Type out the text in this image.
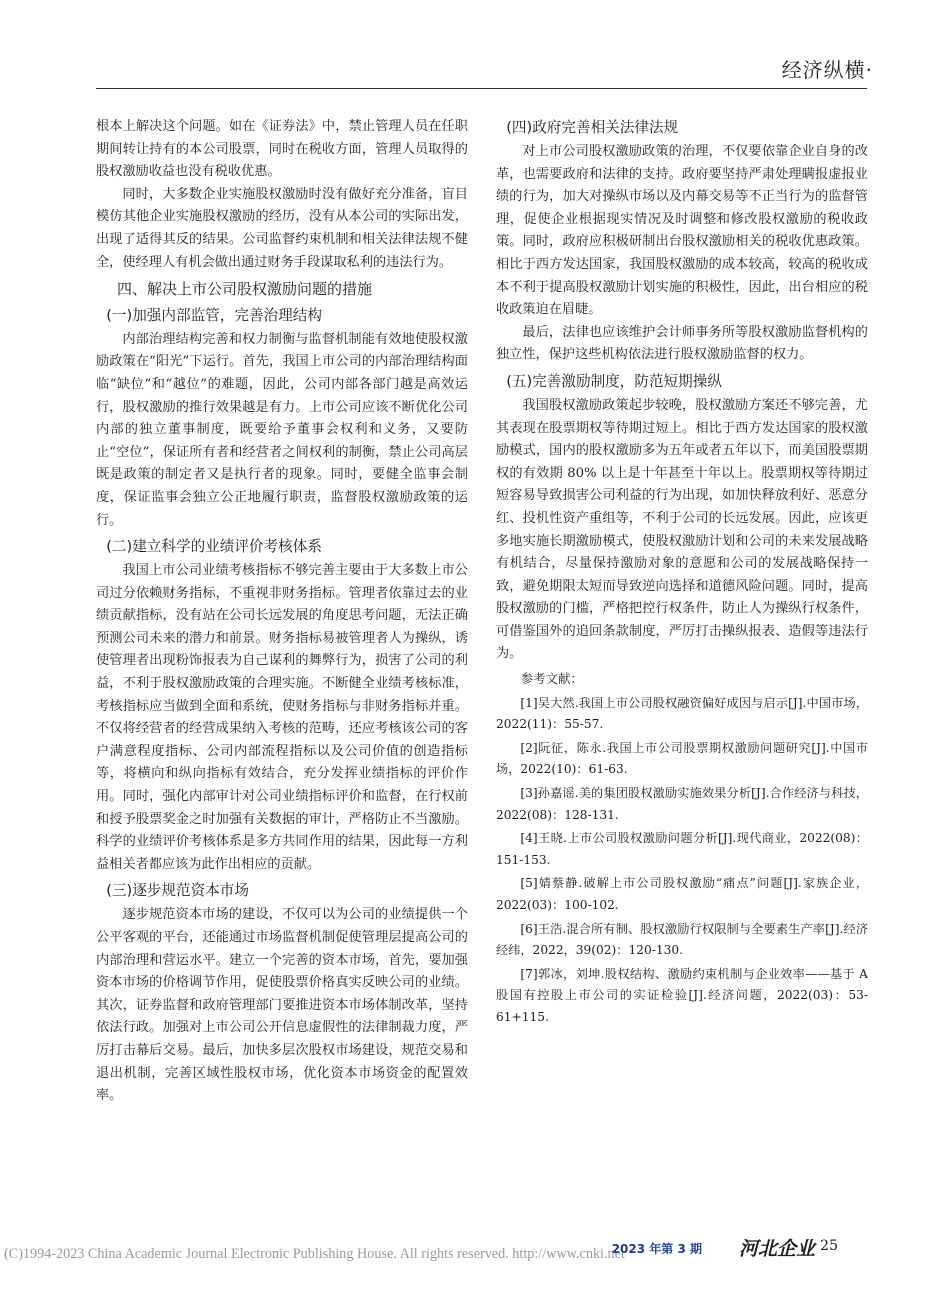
经济纵横·

根本上解决这个问题。如在《证券法》中，禁止管理人员在任职期间转让持有的本公司股票，同时在税收方面，管理人员取得的股权激励收益也没有税收优惠。

同时，大多数企业实施股权激励时没有做好充分准备，盲目模仿其他企业实施股权激励的经历，没有从本公司的实际出发，出现了适得其反的结果。公司监督约束机制和相关法律法规不健全，使经理人有机会做出通过财务手段谋取私利的违法行为。

四、解决上市公司股权激励问题的措施

(一)加强内部监管，完善治理结构

内部治理结构完善和权力制衡与监督机制能有效地使股权激励政策在“阳光”下运行。首先，我国上市公司的内部治理结构面临“缺位”和“越位”的难题，因此，公司内部各部门越是高效运行，股权激励的推行效果越是有力。上市公司应该不断优化公司内部的独立董事制度，既要给予董事会权利和义务，又要防止“空位”，保证所有者和经营者之间权利的制衡，禁止公司高层既是政策的制定者又是执行者的现象。同时，要健全监事会制度，保证监事会独立公正地履行职责，监督股权激励政策的运行。

(二)建立科学的业绩评价考核体系

我国上市公司业绩考核指标不够完善主要由于大多数上市公司过分依赖财务指标，不重视非财务指标。管理者依靠过去的业绩贡献指标，没有站在公司长远发展的角度思考问题，无法正确预测公司未来的潜力和前景。财务指标易被管理者人为操纵，诱使管理者出现粉饰报表为自己谋利的舞弊行为，损害了公司的利益，不利于股权激励政策的合理实施。不断健全业绩考核标准，考核指标应当做到全面和系统，使财务指标与非财务指标并重。不仅将经营者的经营成果纳入考核的范畴，还应考核该公司的客户满意程度指标、公司内部流程指标以及公司价值的创造指标等，将横向和纵向指标有效结合，充分发挥业绩指标的评价作用。同时，强化内部审计对公司业绩指标评价和监督，在行权前和授予股票奖金之时加强有关数据的审计，严格防止不当激励。科学的业绩评价考核体系是多方共同作用的结果，因此每一方利益相关者都应该为此作出相应的贡献。

(三)逐步规范资本市场

逐步规范资本市场的建设，不仅可以为公司的业绩提供一个公平客观的平台，还能通过市场监督机制促使管理层提高公司的内部治理和营运水平。建立一个完善的资本市场，首先，要加强资本市场的价格调节作用，促使股票价格真实反映公司的业绩。其次，证券监督和政府管理部门要推进资本市场体制改革，坚持依法行政。加强对上市公司公开信息虚假性的法律制裁力度，严厉打击幕后交易。最后，加快多层次股权市场建设，规范交易和退出机制，完善区域性股权市场，优化资本市场资金的配置效率。

(四)政府完善相关法律法规

对上市公司股权激励政策的治理，不仅要依靠企业自身的改革，也需要政府和法律的支持。政府要坚持严肃处理瞒报虚报业绩的行为，加大对操纵市场以及内幕交易等不正当行为的监督管理，促使企业根据现实情况及时调整和修改股权激励的税收政策。同时，政府应积极研制出台股权激励相关的税收优惠政策。相比于西方发达国家，我国股权激励的成本较高，较高的税收成本不利于提高股权激励计划实施的积极性，因此，出台相应的税收政策迫在眉睫。

最后，法律也应该维护会计师事务所等股权激励监督机构的独立性，保护这些机构依法进行股权激励监督的权力。

(五)完善激励制度，防范短期操纵

我国股权激励政策起步较晚，股权激励方案还不够完善，尤其表现在股票期权等待期过短上。相比于西方发达国家的股权激励模式，国内的股权激励多为五年或者五年以下，而美国股票期权的有效期 80% 以上是十年甚至十年以上。股票期权等待期过短容易导致损害公司利益的行为出现，如加快释放利好、恶意分红、投机性资产重组等，不利于公司的长远发展。因此，应该更多地实施长期激励模式，使股权激励计划和公司的未来发展战略有机结合，尽量保持激励对象的意愿和公司的发展战略保持一致，避免期限太短而导致逆向选择和道德风险问题。同时，提高股权激励的门槛，严格把控行权条件，防止人为操纵行权条件，可借鉴国外的追回条款制度，严厉打击操纵报表、造假等违法行为。

参考文献：

[1]吴大然.我国上市公司股权融资偏好成因与启示[J].中国市场，2022(11)：55-57.

[2]阮征，陈永.我国上市公司股票期权激励问题研究[J].中国市场，2022(10)：61-63.

[3]孙嘉谣.美的集团股权激励实施效果分析[J].合作经济与科技，2022(08)：128-131.

[4]王晓.上市公司股权激励问题分析[J].现代商业，2022(08)：151-153.

[5]婧蔡静.破解上市公司股权激励“痛点”问题[J].家族企业，2022(03)：100-102.

[6]王浩.混合所有制、股权激励行权限制与全要素生产率[J].经济经纬，2022，39(02)：120-130.

[7]郭冰，刘坤.股权结构、激励约束机制与企业效率——基于 A 股国有控股上市公司的实证检验[J].经济问题，2022(03)：53-61+115.

(C)1994-2023 China Academic Journal Electronic Publishing House. All rights reserved. http://www.cnki.net
2023 年第 3 期 河北企业 25
